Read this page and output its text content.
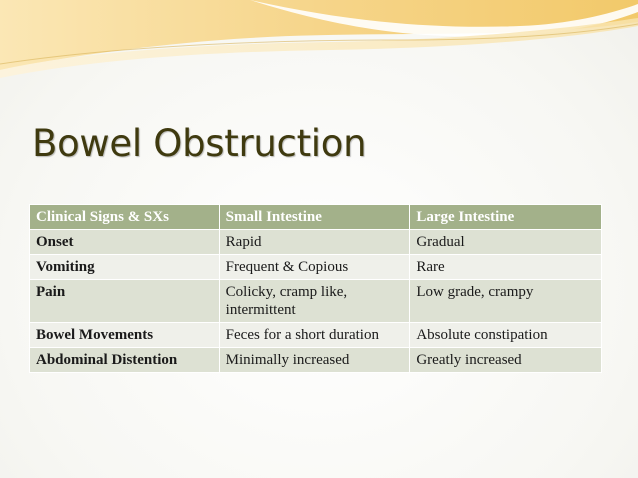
Bowel Obstruction
Clinical Signs & SXs	Small Intestine	Large Intestine
Onset	Rapid	Gradual
Vomiting	Frequent & Copious	Rare
Pain	Colicky, cramp like, intermittent	Low grade, crampy
Bowel Movements	Feces for a short duration	Absolute constipation
Abdominal Distention	Minimally increased	Greatly increased
